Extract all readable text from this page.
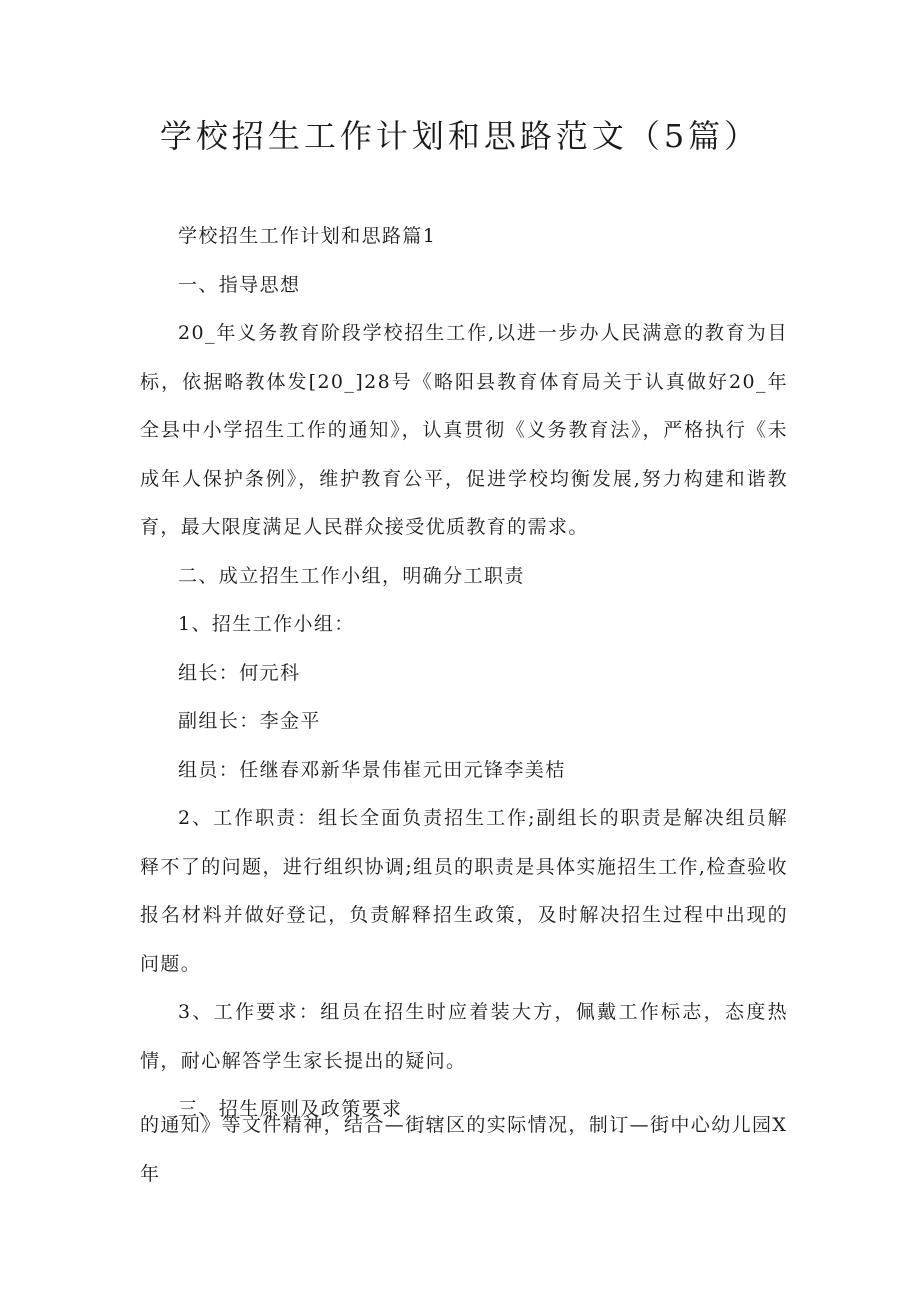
学校招生工作计划和思路范文（5篇）

学校招生工作计划和思路篇1

一、指导思想

20_年义务教育阶段学校招生工作,以进一步办人民满意的教育为目标，依据略教体发[20_]28号《略阳县教育体育局关于认真做好20_年全县中小学招生工作的通知》，认真贯彻《义务教育法》，严格执行《未成年人保护条例》，维护教育公平，促进学校均衡发展,努力构建和谐教育，最大限度满足人民群众接受优质教育的需求。

二、成立招生工作小组，明确分工职责

1、招生工作小组：

组长：何元科

副组长：李金平

组员：任继春邓新华景伟崔元田元锋李美桔

2、工作职责：组长全面负责招生工作;副组长的职责是解决组员解释不了的问题，进行组织协调;组员的职责是具体实施招生工作,检查验收报名材料并做好登记，负责解释招生政策，及时解决招生过程中出现的问题。

3、工作要求：组员在招生时应着装大方，佩戴工作标志，态度热情，耐心解答学生家长提出的疑问。

三、招生原则及政策要求

的通知》等文件精神，结合—街辖区的实际情况，制订—街中心幼儿园X年
